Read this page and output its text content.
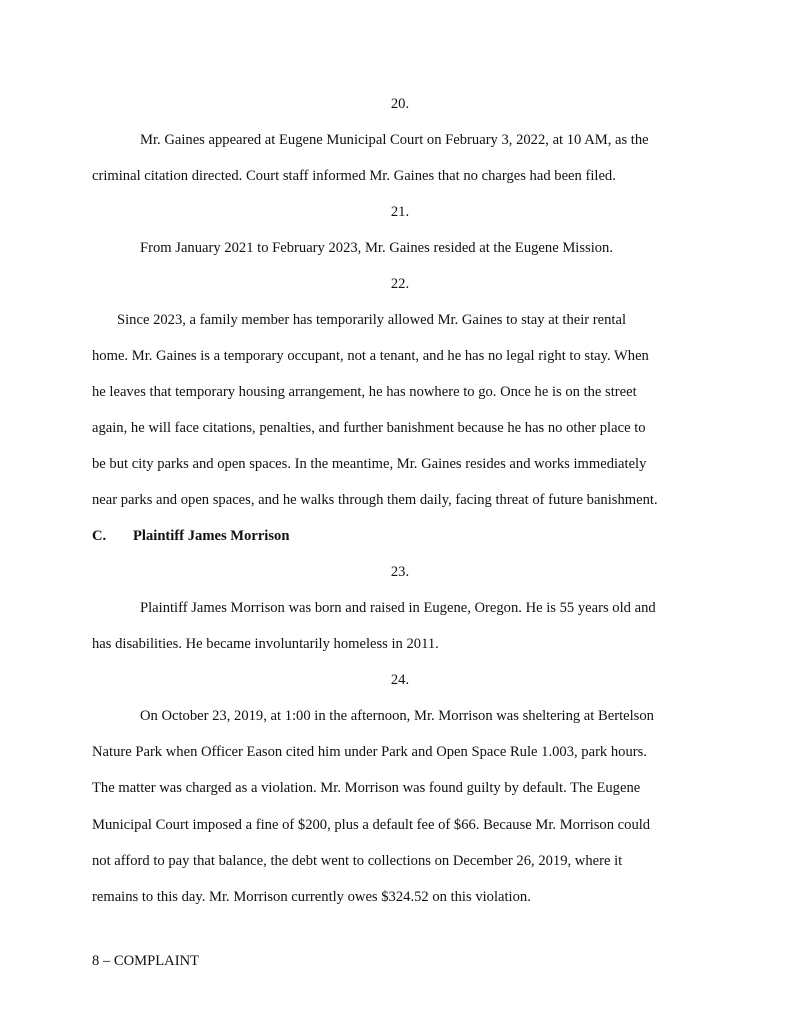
20.
Mr. Gaines appeared at Eugene Municipal Court on February 3, 2022, at 10 AM, as the
criminal citation directed. Court staff informed Mr. Gaines that no charges had been filed.
21.
From January 2021 to February 2023, Mr. Gaines resided at the Eugene Mission.
22.
Since 2023, a family member has temporarily allowed Mr. Gaines to stay at their rental
home. Mr. Gaines is a temporary occupant, not a tenant, and he has no legal right to stay. When
he leaves that temporary housing arrangement, he has nowhere to go. Once he is on the street
again, he will face citations, penalties, and further banishment because he has no other place to
be but city parks and open spaces. In the meantime, Mr. Gaines resides and works immediately
near parks and open spaces, and he walks through them daily, facing threat of future banishment.
C. Plaintiff James Morrison
23.
Plaintiff James Morrison was born and raised in Eugene, Oregon. He is 55 years old and
has disabilities. He became involuntarily homeless in 2011.
24.
On October 23, 2019, at 1:00 in the afternoon, Mr. Morrison was sheltering at Bertelson
Nature Park when Officer Eason cited him under Park and Open Space Rule 1.003, park hours.
The matter was charged as a violation. Mr. Morrison was found guilty by default. The Eugene
Municipal Court imposed a fine of $200, plus a default fee of $66. Because Mr. Morrison could
not afford to pay that balance, the debt went to collections on December 26, 2019, where it
remains to this day. Mr. Morrison currently owes $324.52 on this violation.
8 – COMPLAINT
